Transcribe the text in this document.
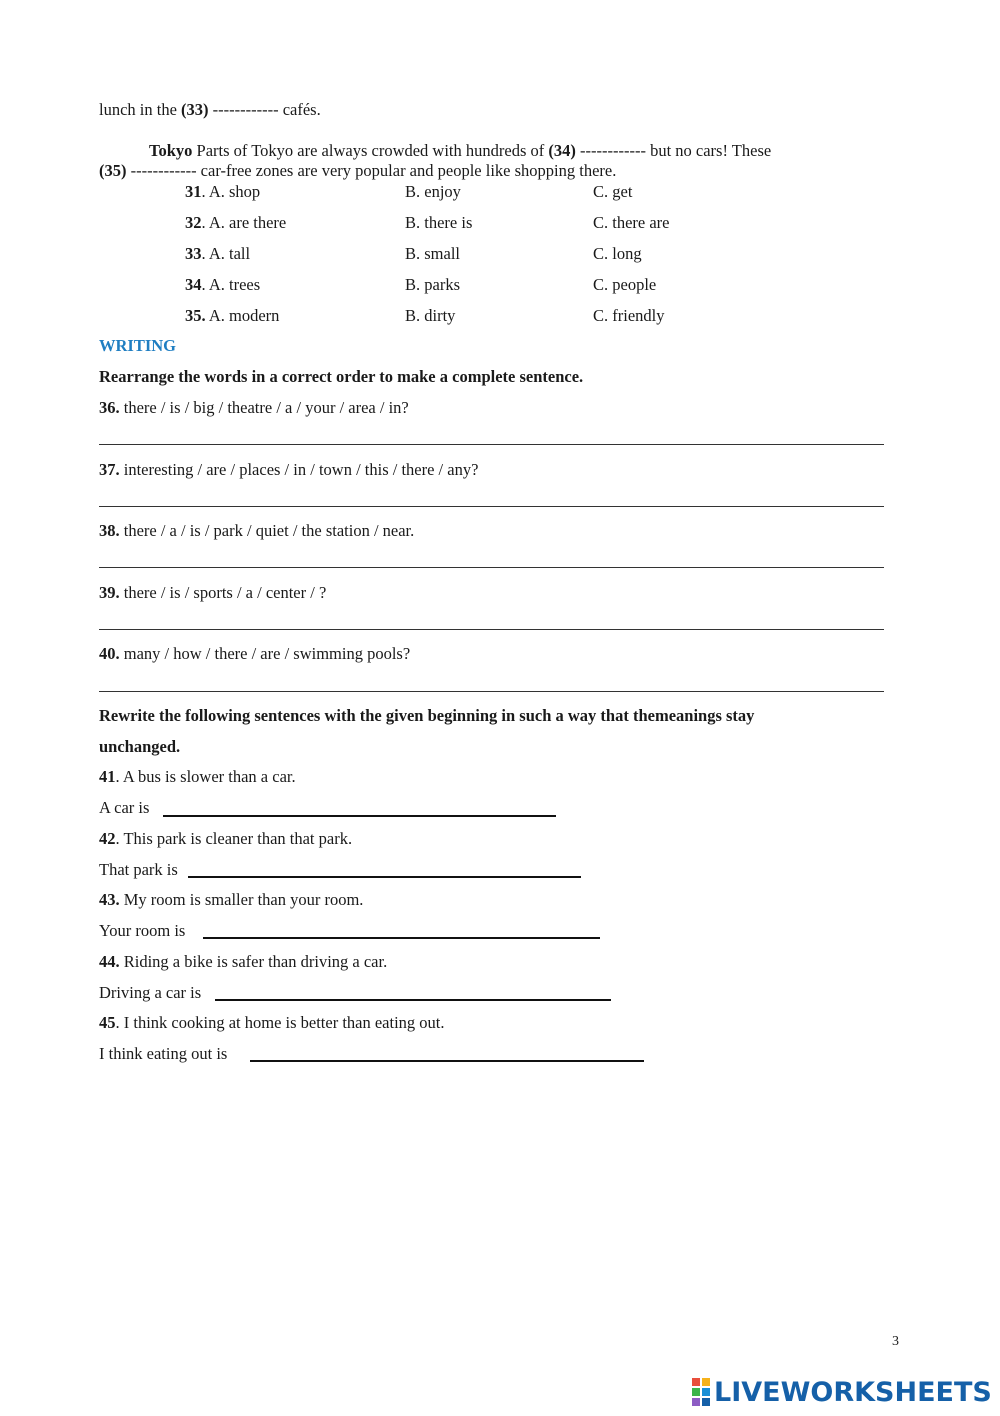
lunch in the (33) ------------ cafés.
Tokyo Parts of Tokyo are always crowded with hundreds of (34) ------------ but no cars! These
(35) ------------ car-free zones are very popular and people like shopping there.
31. A. shop	B. enjoy	C. get
32. A. are there	B. there is	C. there are
33. A. tall	B. small	C. long
34. A. trees	B. parks	C. people
35. A. modern	B. dirty	C. friendly
WRITING
Rearrange the words in a correct order to make a complete sentence.
36. there / is / big / theatre / a / your / area / in?
37. interesting / are / places / in / town / this / there / any?
38. there / a / is / park / quiet / the station / near.
39. there / is / sports / a / center / ?
40. many / how / there / are / swimming pools?
Rewrite the following sentences with the given beginning in such a way that themeanings stay
unchanged.
41. A bus is slower than a car.
A car is
42. This park is cleaner than that park.
That park is
43. My room is smaller than your room.
Your room is
44. Riding a bike is safer than driving a car.
Driving a car is
45. I think cooking at home is better than eating out.
I think eating out is
3
LIVEWORKSHEETS
